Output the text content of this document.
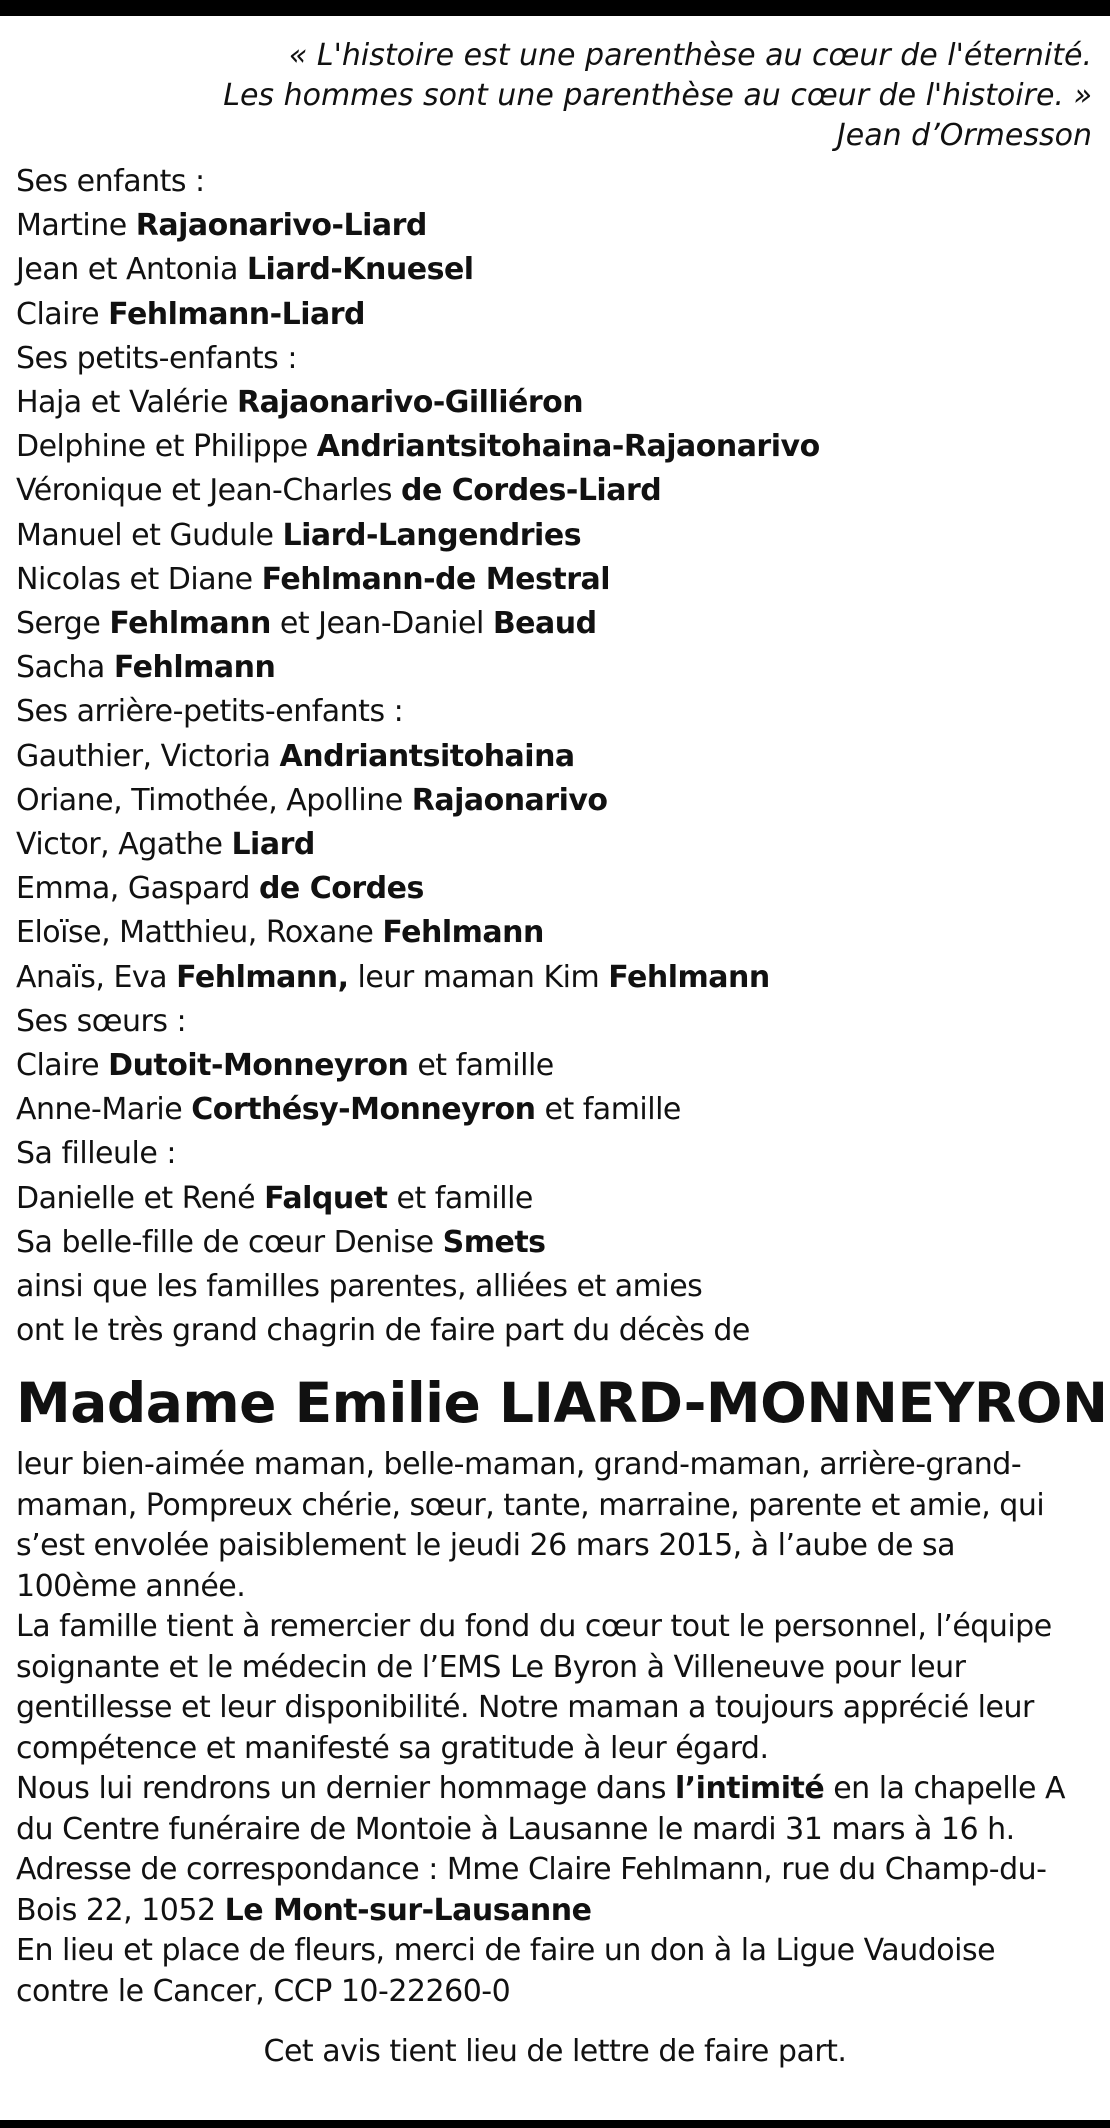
« L'histoire est une parenthèse au cœur de l'éternité.
Les hommes sont une parenthèse au cœur de l'histoire. »
Jean d’Ormesson
Ses enfants :
Martine Rajaonarivo-Liard
Jean et Antonia Liard-Knuesel
Claire Fehlmann-Liard
Ses petits-enfants :
Haja et Valérie Rajaonarivo-Gilliéron
Delphine et Philippe Andriantsitohaina-Rajaonarivo
Véronique et Jean-Charles de Cordes-Liard
Manuel et Gudule Liard-Langendries
Nicolas et Diane Fehlmann-de Mestral
Serge Fehlmann et Jean-Daniel Beaud
Sacha Fehlmann
Ses arrière-petits-enfants :
Gauthier, Victoria Andriantsitohaina
Oriane, Timothée, Apolline Rajaonarivo
Victor, Agathe Liard
Emma, Gaspard de Cordes
Eloïse, Matthieu, Roxane Fehlmann
Anaïs, Eva Fehlmann, leur maman Kim Fehlmann
Ses sœurs :
Claire Dutoit-Monneyron et famille
Anne-Marie Corthésy-Monneyron et famille
Sa filleule :
Danielle et René Falquet et famille
Sa belle-fille de cœur Denise Smets
ainsi que les familles parentes, alliées et amies
ont le très grand chagrin de faire part du décès de
Madame Emilie LIARD-MONNEYRON
leur bien-aimée maman, belle-maman, grand-maman, arrière-grand-
maman, Pompreux chérie, sœur, tante, marraine, parente et amie, qui
s’est envolée paisiblement le jeudi 26 mars 2015, à l’aube de sa
100ème année.
La famille tient à remercier du fond du cœur tout le personnel, l’équipe
soignante et le médecin de l’EMS Le Byron à Villeneuve pour leur
gentillesse et leur disponibilité. Notre maman a toujours apprécié leur
compétence et manifesté sa gratitude à leur égard.
Nous lui rendrons un dernier hommage dans l’intimité en la chapelle A
du Centre funéraire de Montoie à Lausanne le mardi 31 mars à 16 h.
Adresse de correspondance : Mme Claire Fehlmann, rue du Champ-du-
Bois 22, 1052 Le Mont-sur-Lausanne
En lieu et place de fleurs, merci de faire un don à la Ligue Vaudoise
contre le Cancer, CCP 10-22260-0
Cet avis tient lieu de lettre de faire part.
